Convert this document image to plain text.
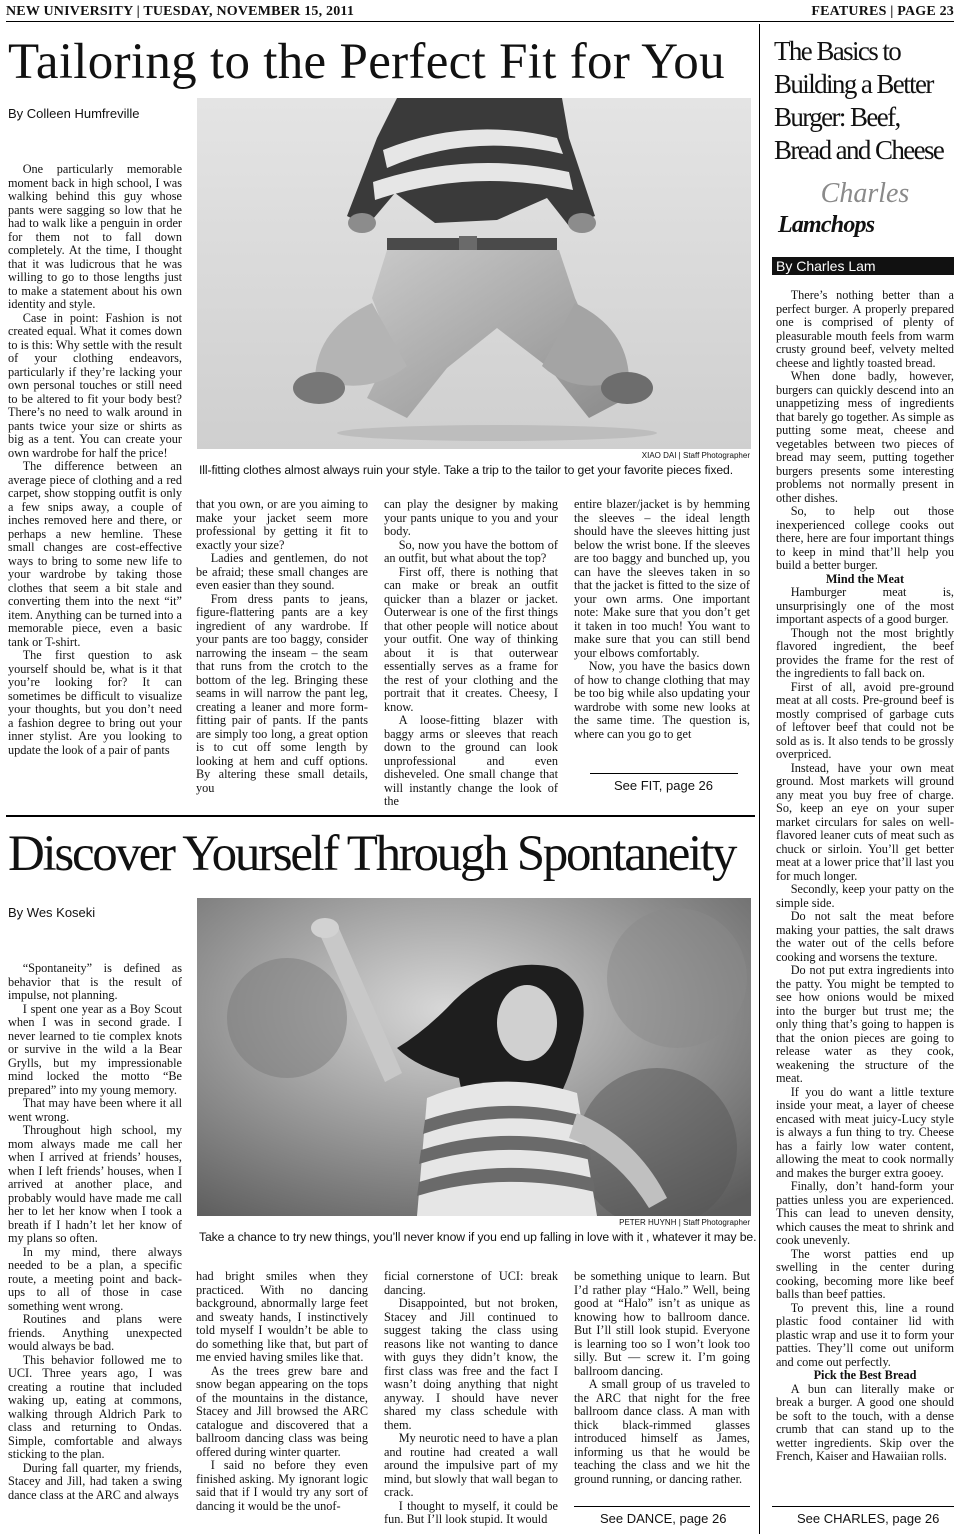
NEW UNIVERSITY | TUESDAY, NOVEMBER 15, 2011	FEATURES | PAGE 23
Tailoring to the Perfect Fit for You
By Colleen Humfreville
XIAO DAI | Staff Photographer
Ill-fitting clothes almost always ruin your style. Take a trip to the tailor to get your favorite pieces fixed.

One particularly memorable moment back in high school, I was walking behind this guy whose pants were sagging so low that he had to walk like a penguin in order for them not to fall down completely. At the time, I thought that it was ludicrous that he was willing to go to those lengths just to make a statement about his own identity and style.

Case in point: Fashion is not created equal. What it comes down to is this: Why settle with the result of your clothing endeavors, particularly if they’re lacking your own personal touches or still need to be altered to fit your body best? There’s no need to walk around in pants twice your size or shirts as big as a tent. You can create your own wardrobe for half the price!

The difference between an average piece of clothing and a red carpet, show stopping outfit is only a few snips away, a couple of inches removed here and there, or perhaps a new hemline. These small changes are cost-effective ways to bring to some new life to your wardrobe by taking those clothes that seem a bit stale and converting them into the next “it” item. Anything can be turned into a memorable piece, even a basic tank or T-shirt.

The first question to ask yourself should be, what is it that you’re looking for? It can sometimes be difficult to visualize your thoughts, but you don’t need a fashion degree to bring out your inner stylist. Are you looking to update the look of a pair of pants

that you own, or are you aiming to make your jacket seem more professional by getting it fit to exactly your size?

Ladies and gentlemen, do not be afraid; these small changes are even easier than they sound.

From dress pants to jeans, figure-flattering pants are a key ingredient of any wardrobe. If your pants are too baggy, consider narrowing the inseam – the seam that runs from the crotch to the bottom of the leg. Bringing these seams in will narrow the pant leg, creating a leaner and more form-fitting pair of pants. If the pants are simply too long, a great option is to cut off some length by looking at hem and cuff options. By altering these small details, you

can play the designer by making your pants unique to you and your body.

So, now you have the bottom of an outfit, but what about the top?

First off, there is nothing that can make or break an outfit quicker than a blazer or jacket. Outerwear is one of the first things that other people will notice about your outfit. One way of thinking about it is that outerwear essentially serves as a frame for the rest of your clothing and the portrait that it creates. Cheesy, I know.

A loose-fitting blazer with baggy arms or sleeves that reach down to the ground can look unprofessional and even disheveled. One small change that will instantly change the look of the

entire blazer/jacket is by hemming the sleeves – the ideal length should have the sleeves hitting just below the wrist bone. If the sleeves are too baggy and bunched up, you can have the sleeves taken in so that the jacket is fitted to the size of your own arms. One important note: Make sure that you don’t get it taken in too much! You want to make sure that you can still bend your elbows comfortably.

Now, you have the basics down of how to change clothing that may be too big while also updating your wardrobe with some new looks at the same time. The question is, where can you go to get

See FIT, page 26
Discover Yourself Through Spontaneity
By Wes Koseki
PETER HUYNH | Staff Photographer
Take a chance to try new things, you’ll never know if you end up falling in love with it , whatever it may be.

“Spontaneity” is defined as behavior that is the result of impulse, not planning.

I spent one year as a Boy Scout when I was in second grade. I never learned to tie complex knots or survive in the wild a la Bear Grylls, but my impressionable mind locked the motto “Be prepared” into my young memory.

That may have been where it all went wrong.

Throughout high school, my mom always made me call her when I arrived at friends’ houses, when I left friends’ houses, when I arrived at another place, and probably would have made me call her to let her know when I took a breath if I hadn’t let her know of my plans so often.

In my mind, there always needed to be a plan, a specific route, a meeting point and back-ups to all of those in case something went wrong.

Routines and plans were friends. Anything unexpected would always be bad.

This behavior followed me to UCI. Three years ago, I was creating a routine that included waking up, eating at commons, walking through Aldrich Park to class and returning to Ondas. Simple, comfortable and always sticking to the plan.

During fall quarter, my friends, Stacey and Jill, had taken a swing dance class at the ARC and always

had bright smiles when they practiced. With no dancing background, abnormally large feet and sweaty hands, I instinctively told myself I wouldn’t be able to do something like that, but part of me envied having smiles like that.

As the trees grew bare and snow began appearing on the tops of the mountains in the distance, Stacey and Jill browsed the ARC catalogue and discovered that a ballroom dancing class was being offered during winter quarter.

I said no before they even finished asking. My ignorant logic said that if I would try any sort of dancing it would be the unof-

ficial cornerstone of UCI: break dancing.

Disappointed, but not broken, Stacey and Jill continued to suggest taking the class using reasons like not wanting to dance with guys they didn’t know, the first class was free and the fact I wasn’t doing anything that night anyway. I should have never shared my class schedule with them.

My neurotic need to have a plan and routine had created a wall around the impulsive part of my mind, but slowly that wall began to crack.

I thought to myself, it could be fun. But I’ll look stupid. It would

be something unique to learn. But I’d rather play “Halo.” Well, being good at “Halo” isn’t as unique as knowing how to ballroom dance. But I’ll still look stupid. Everyone is learning too so I won’t look too silly. But — screw it. I’m going ballroom dancing.

A small group of us traveled to the ARC that night for the free ballroom dance class. A man with thick black-rimmed glasses introduced himself as James, informing us that he would be teaching the class and we hit the ground running, or dancing rather.

See DANCE, page 26
The Basics to Building a Better Burger: Beef, Bread and Cheese
Charles
Lamchops
By Charles Lam

There’s nothing better than a perfect burger. A properly prepared one is comprised of plenty of pleasurable mouth feels from warm crusty ground beef, velvety melted cheese and lightly toasted bread.

When done badly, however, burgers can quickly descend into an unappetizing mess of ingredients that barely go together. As simple as putting some meat, cheese and vegetables between two pieces of bread may seem, putting together burgers presents some interesting problems not normally present in other dishes.

So, to help out those inexperienced college cooks out there, here are four important things to keep in mind that’ll help you build a better burger.

Mind the Meat

Hamburger meat is, unsurprisingly one of the most important aspects of a good burger.

Though not the most brightly flavored ingredient, the beef provides the frame for the rest of the ingredients to fall back on.

First of all, avoid pre-ground meat at all costs. Pre-ground beef is mostly comprised of garbage cuts of leftover beef that could not be sold as is. It also tends to be grossly overpriced.

Instead, have your own meat ground. Most markets will ground any meat you buy free of charge. So, keep an eye on your super market circulars for sales on well-flavored leaner cuts of meat such as chuck or sirloin. You’ll get better meat at a lower price that’ll last you for much longer.

Secondly, keep your patty on the simple side.

Do not salt the meat before making your patties, the salt draws the water out of the cells before cooking and worsens the texture.

Do not put extra ingredients into the patty. You might be tempted to see how onions would be mixed into the burger but trust me; the only thing that’s going to happen is that the onion pieces are going to release water as they cook, weakening the structure of the meat.

If you do want a little texture inside your meat, a layer of cheese encased with meat juicy-Lucy style is always a fun thing to try. Cheese has a fairly low water content, allowing the meat to cook normally and makes the burger extra gooey.

Finally, don’t hand-form your patties unless you are experienced. This can lead to uneven density, which causes the meat to shrink and cook unevenly.

The worst patties end up swelling in the center during cooking, becoming more like beef balls than beef patties.

To prevent this, line a round plastic food container lid with plastic wrap and use it to form your patties. They’ll come out uniform and come out perfectly.

Pick the Best Bread

A bun can literally make or break a burger. A good one should be soft to the touch, with a dense crumb that can stand up to the wetter ingredients. Skip over the French, Kaiser and Hawaiian rolls.

See CHARLES, page 26
